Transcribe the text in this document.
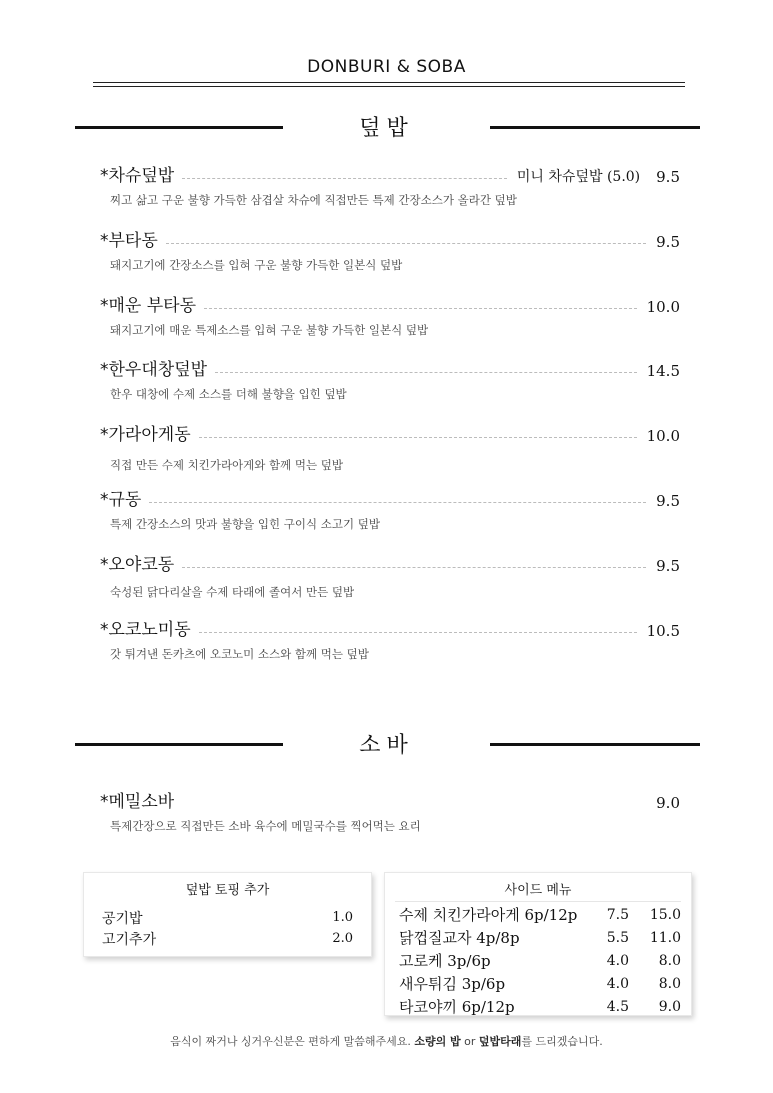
DONBURI & SOBA
덮밥
*차슈덮밥	미니 차슈덮밥 (5.0) 9.5
찌고 삶고 구운 불향 가득한 삼겹살 차슈에 직접만든 특제 간장소스가 올라간 덮밥
*부타동	9.5
돼지고기에 간장소스를 입혀 구운 불향 가득한 일본식 덮밥
*매운 부타동	10.0
돼지고기에 매운 특제소스를 입혀 구운 불향 가득한 일본식 덮밥
*한우대창덮밥	14.5
한우 대창에 수제 소스를 더해 불향을 입힌 덮밥
*가라아게동	10.0
직접 만든 수제 치킨가라아게와 함께 먹는 덮밥
*규동	9.5
특제 간장소스의 맛과 불향을 입힌 구이식 소고기 덮밥
*오야코동	9.5
숙성된 닭다리살을 수제 타래에 졸여서 만든 덮밥
*오코노미동	10.5
갓 튀겨낸 돈카츠에 오코노미 소스와 함께 먹는 덮밥
소바
*메밀소바	9.0
특제간장으로 직접만든 소바 육수에 메밀국수를 찍어먹는 요리
덮밥 토핑 추가
공기밥	1.0
고기추가	2.0
사이드 메뉴
수제 치킨가라아게 6p/12p	7.5	15.0
닭껍질교자 4p/8p	5.5	11.0
고로케 3p/6p	4.0	8.0
새우튀김 3p/6p	4.0	8.0
타코야끼 6p/12p	4.5	9.0
음식이 짜거나 싱거우신분은 편하게 말씀해주세요. 소량의 밥 or 덮밥타래를 드리겠습니다.
